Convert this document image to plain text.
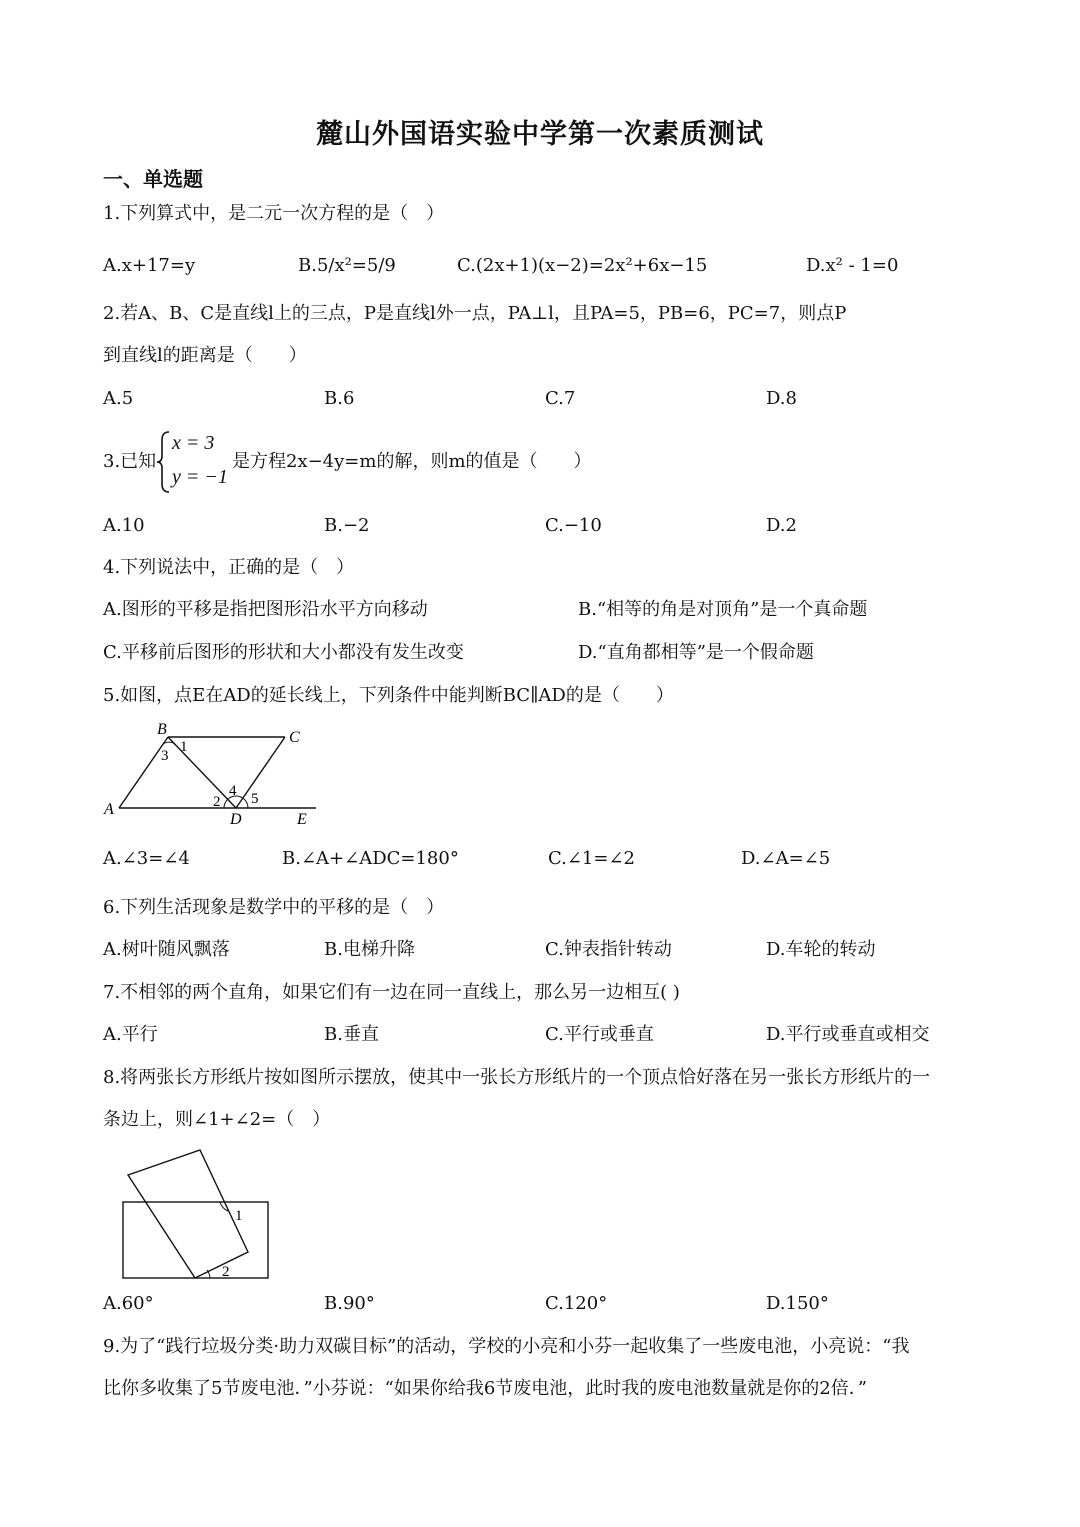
麓山外国语实验中学第一次素质测试
一、单选题
1.下列算式中，是二元一次方程的是（　）
A.x+17=y	B.5/x²=5/9	C.(2x+1)(x−2)=2x²+6x−15	D.x² - 1=0
2.若A、B、C是直线l上的三点，P是直线l外一点，PA⊥l，且PA=5，PB=6，PC=7，则点P
到直线l的距离是（　　）
A.5	B.6	C.7	D.8
3.已知
x = 3
y = −1
是方程2x−4y=m的解，则m的值是（　　）
A.10	B.−2	C.−10	D.2
4.下列说法中，正确的是（　）
A.图形的平移是指把图形沿水平方向移动	B.“相等的角是对顶角”是一个真命题
C.平移前后图形的形状和大小都没有发生改变	D.“直角都相等”是一个假命题
5.如图，点E在AD的延长线上，下列条件中能判断BC∥AD的是（　　）
B	C
A
D	E
1
2
3
4 5
A.∠3=∠4	B.∠A+∠ADC=180°	C.∠1=∠2	D.∠A=∠5
6.下列生活现象是数学中的平移的是（　）
A.树叶随风飘落	B.电梯升降	C.钟表指针转动	D.车轮的转动
7.不相邻的两个直角，如果它们有一边在同一直线上，那么另一边相互( )
A.平行	B.垂直	C.平行或垂直	D.平行或垂直或相交
8.将两张长方形纸片按如图所示摆放，使其中一张长方形纸片的一个顶点恰好落在另一张长方形纸片的一
条边上，则∠1+∠2=（　）
1
2
A.60°	B.90°	C.120°	D.150°
9.为了“践行垃圾分类·助力双碳目标”的活动，学校的小亮和小芬一起收集了一些废电池，小亮说：“我
比你多收集了5节废电池．”小芬说：“如果你给我6节废电池，此时我的废电池数量就是你的2倍．”
